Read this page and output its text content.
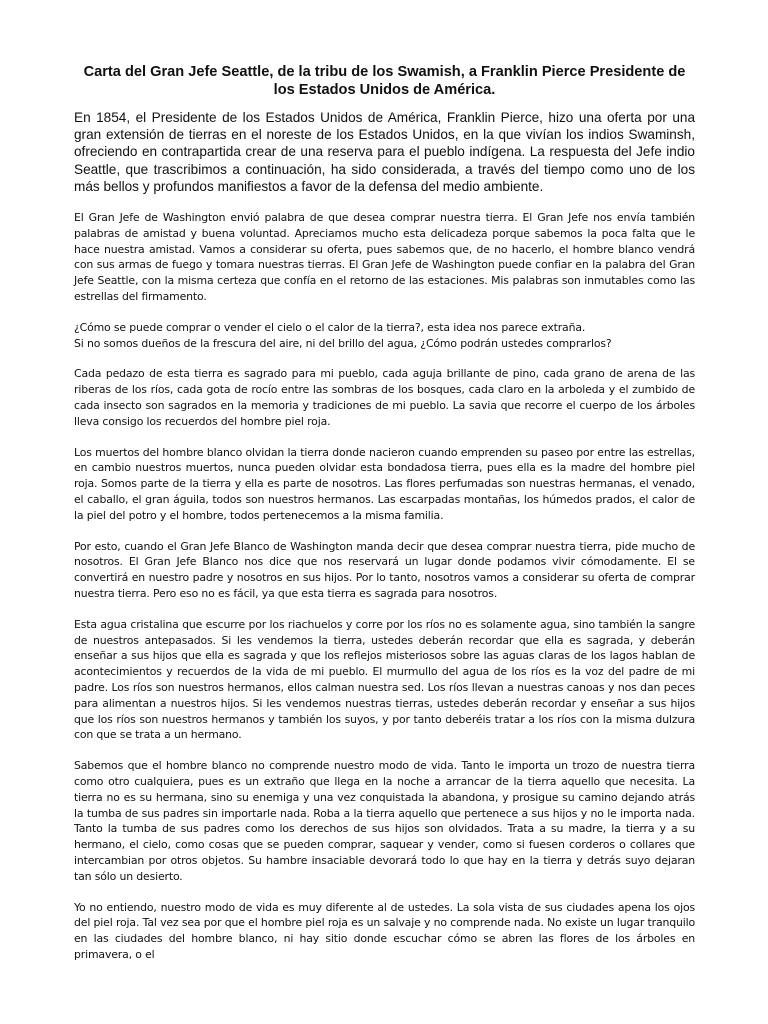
Carta del Gran Jefe Seattle, de la tribu de los Swamish, a Franklin Pierce Presidente de los Estados Unidos de América.

En 1854, el Presidente de los Estados Unidos de América, Franklin Pierce, hizo una oferta por una gran extensión de tierras en el noreste de los Estados Unidos, en la que vivían los indios Swaminsh, ofreciendo en contrapartida crear de una reserva para el pueblo indígena. La respuesta del Jefe indio Seattle, que trascribimos a continuación, ha sido considerada, a través del tiempo como uno de los más bellos y profundos manifiestos a favor de la defensa del medio ambiente.

El Gran Jefe de Washington envió palabra de que desea comprar nuestra tierra. El Gran Jefe nos envía también palabras de amistad y buena voluntad. Apreciamos mucho esta delicadeza porque sabemos la poca falta que le hace nuestra amistad. Vamos a considerar su oferta, pues sabemos que, de no hacerlo, el hombre blanco vendrá con sus armas de fuego y tomara nuestras tierras. El Gran Jefe de Washington puede confiar en la palabra del Gran Jefe Seattle, con la misma certeza que confía en el retorno de las estaciones. Mis palabras son inmutables como las estrellas del firmamento.

¿Cómo se puede comprar o vender el cielo o el calor de la tierra?, esta idea nos parece extraña.
Si no somos dueños de la frescura del aire, ni del brillo del agua, ¿Cómo podrán ustedes comprarlos?

Cada pedazo de esta tierra es sagrado para mi pueblo, cada aguja brillante de pino, cada grano de arena de las riberas de los ríos, cada gota de rocío entre las sombras de los bosques, cada claro en la arboleda y el zumbido de cada insecto son sagrados en la memoria y tradiciones de mi pueblo. La savia que recorre el cuerpo de los árboles lleva consigo los recuerdos del hombre piel roja.

Los muertos del hombre blanco olvidan la tierra donde nacieron cuando emprenden su paseo por entre las estrellas, en cambio nuestros muertos, nunca pueden olvidar esta bondadosa tierra, pues ella es la madre del hombre piel roja. Somos parte de la tierra y ella es parte de nosotros. Las flores perfumadas son nuestras hermanas, el venado, el caballo, el gran águila, todos son nuestros hermanos. Las escarpadas montañas, los húmedos prados, el calor de la piel del potro y el hombre, todos pertenecemos a la misma familia.

Por esto, cuando el Gran Jefe Blanco de Washington manda decir que desea comprar nuestra tierra, pide mucho de nosotros. El Gran Jefe Blanco nos dice que nos reservará un lugar donde podamos vivir cómodamente. El se convertirá en nuestro padre y nosotros en sus hijos. Por lo tanto, nosotros vamos a considerar su oferta de comprar nuestra tierra. Pero eso no es fácil, ya que esta tierra es sagrada para nosotros.

Esta agua cristalina que escurre por los riachuelos y corre por los ríos no es solamente agua, sino también la sangre de nuestros antepasados. Si les vendemos la tierra, ustedes deberán recordar que ella es sagrada, y deberán enseñar a sus hijos que ella es sagrada y que los reflejos misteriosos sobre las aguas claras de los lagos hablan de acontecimientos y recuerdos de la vida de mi pueblo. El murmullo del agua de los ríos es la voz del padre de mi padre. Los ríos son nuestros hermanos, ellos calman nuestra sed. Los ríos llevan a nuestras canoas y nos dan peces para alimentan a nuestros hijos. Si les vendemos nuestras tierras, ustedes deberán recordar y enseñar a sus hijos que los ríos son nuestros hermanos y también los suyos, y por tanto deberéis tratar a los ríos con la misma dulzura con que se trata a un hermano.

Sabemos que el hombre blanco no comprende nuestro modo de vida. Tanto le importa un trozo de nuestra tierra como otro cualquiera, pues es un extraño que llega en la noche a arrancar de la tierra aquello que necesita. La tierra no es su hermana, sino su enemiga y una vez conquistada la abandona, y prosigue su camino dejando atrás la tumba de sus padres sin importarle nada. Roba a la tierra aquello que pertenece a sus hijos y no le importa nada. Tanto la tumba de sus padres como los derechos de sus hijos son olvidados. Trata a su madre, la tierra y a su hermano, el cielo, como cosas que se pueden comprar, saquear y vender, como si fuesen corderos o collares que intercambian por otros objetos. Su hambre insaciable devorará todo lo que hay en la tierra y detrás suyo dejaran tan sólo un desierto.

Yo no entiendo, nuestro modo de vida es muy diferente al de ustedes. La sola vista de sus ciudades apena los ojos del piel roja. Tal vez sea por que el hombre piel roja es un salvaje y no comprende nada. No existe un lugar tranquilo en las ciudades del hombre blanco, ni hay sitio donde escuchar cómo se abren las flores de los árboles en primavera, o el
